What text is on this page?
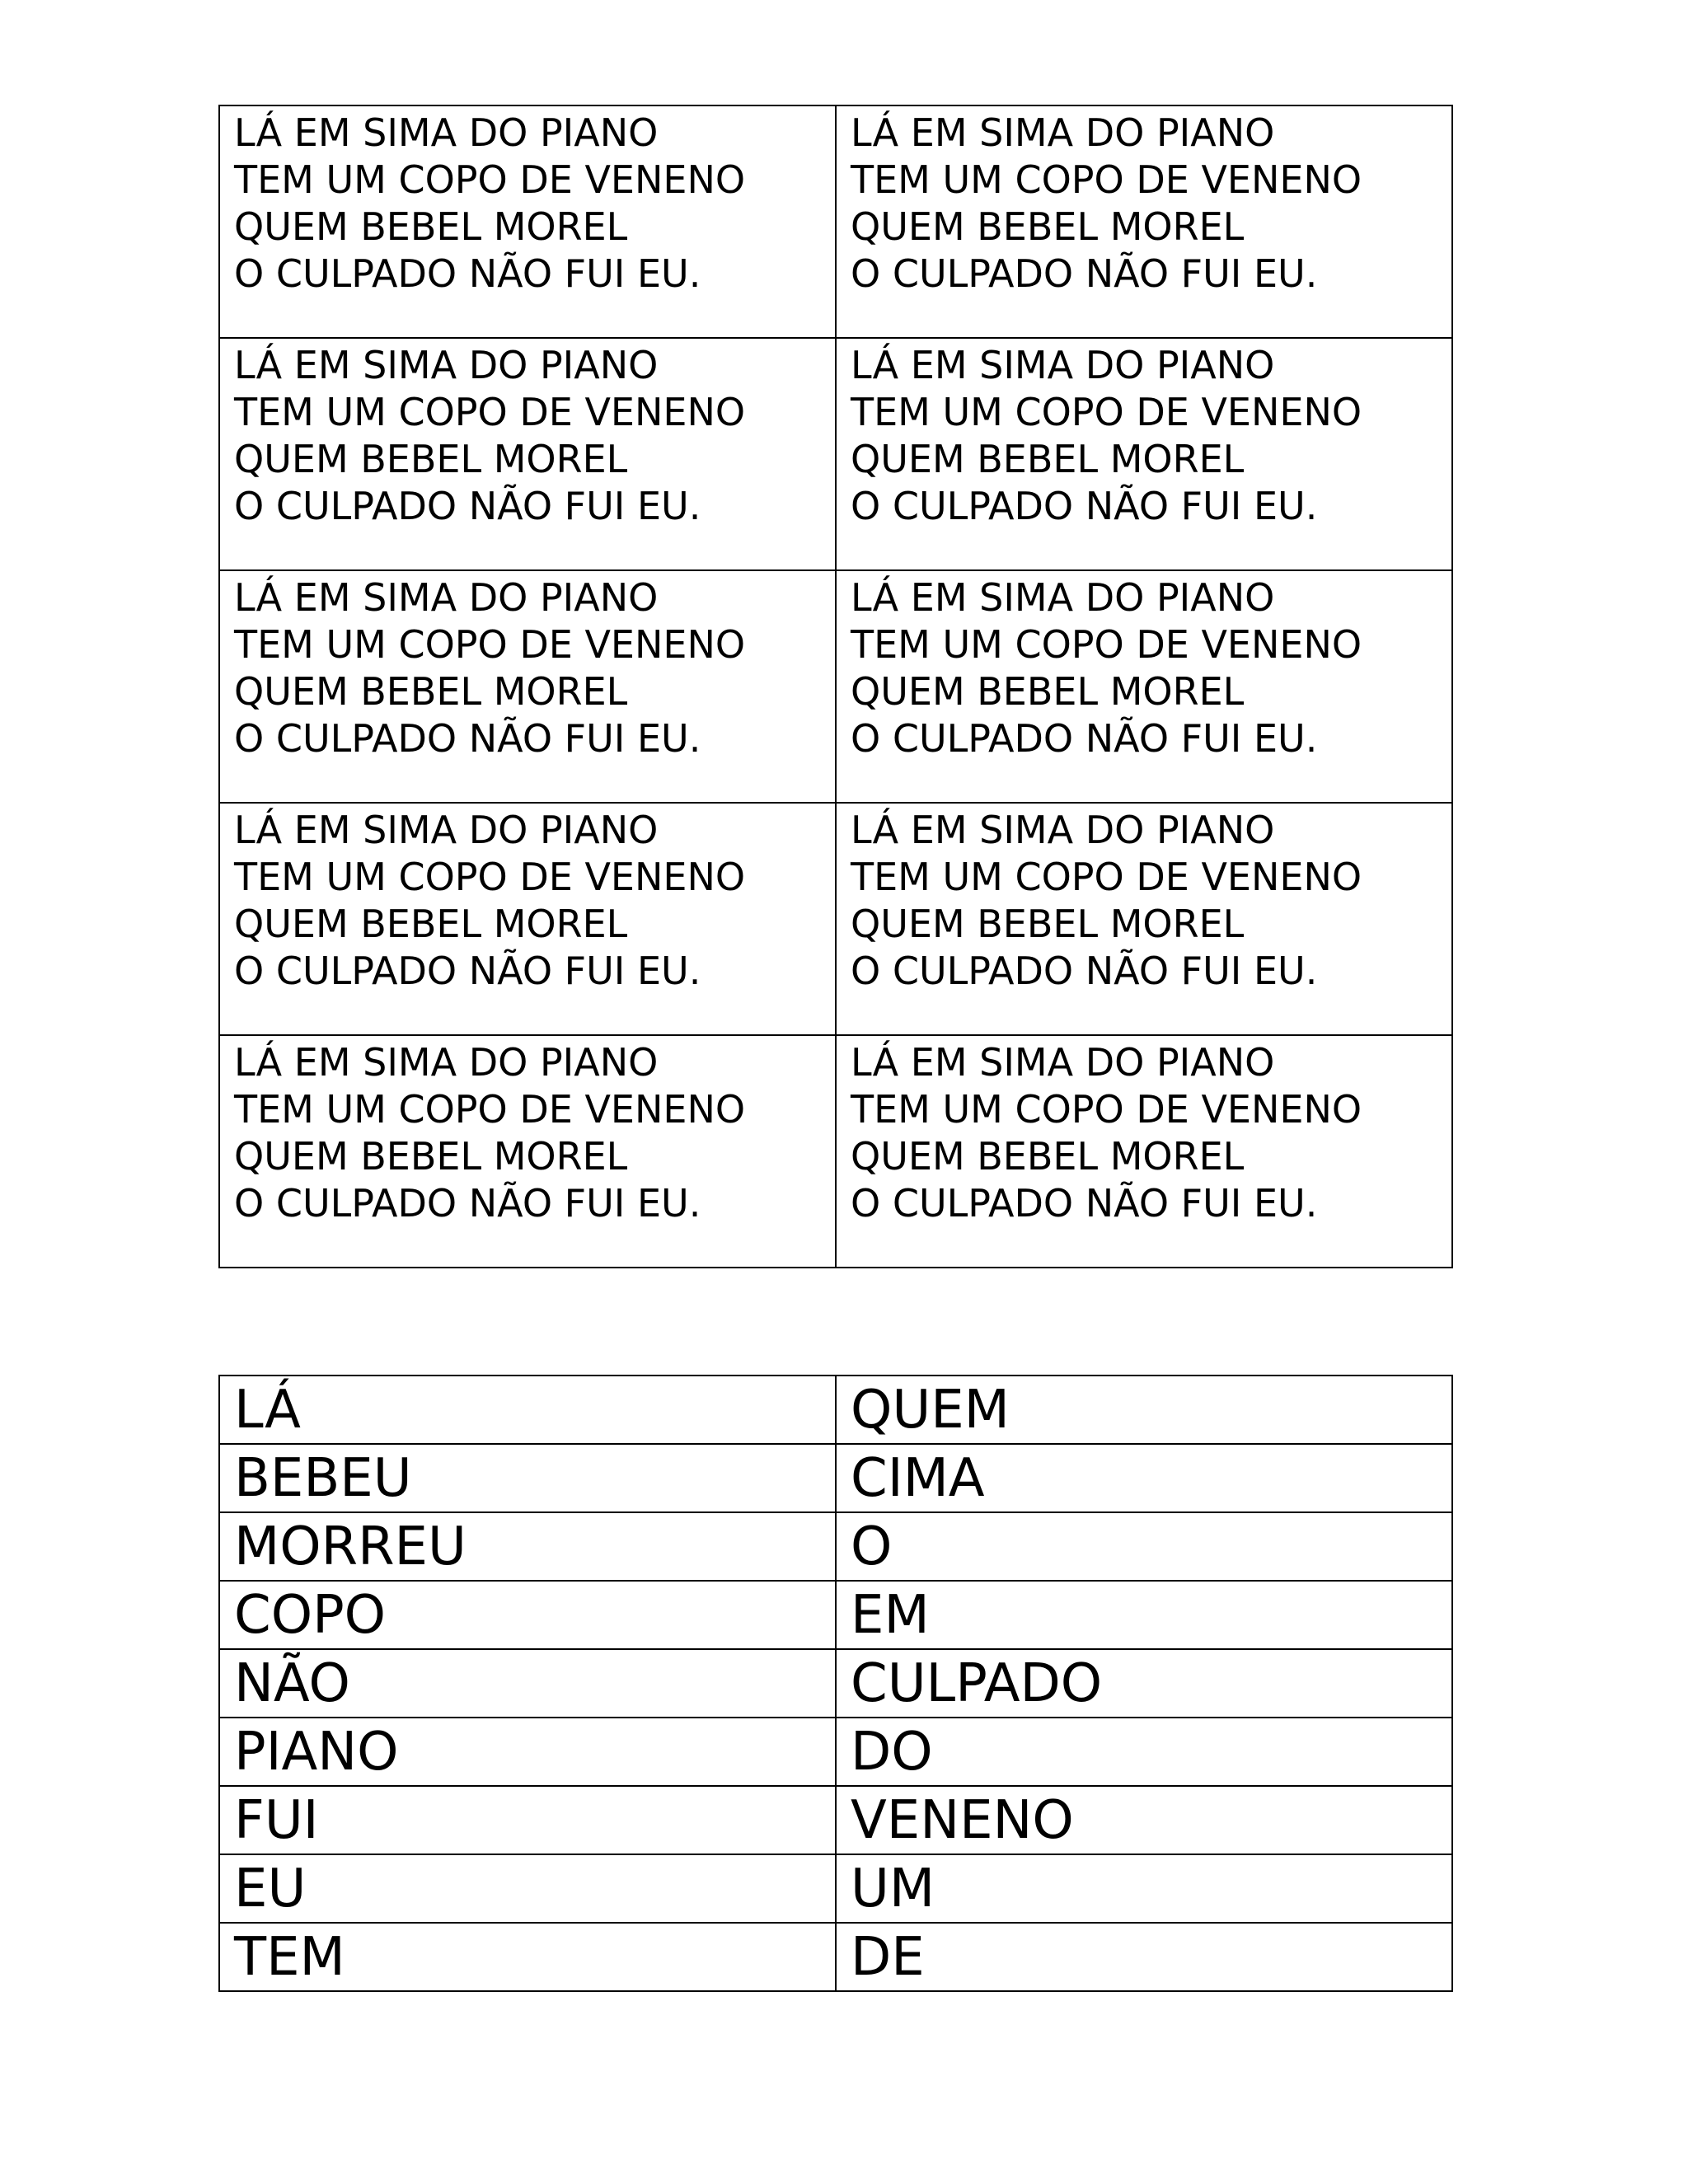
LÁ EM SIMA DO PIANO
TEM UM COPO DE VENENO
QUEM BEBEL MOREL
O CULPADO NÃO FUI EU.	LÁ EM SIMA DO PIANO
TEM UM COPO DE VENENO
QUEM BEBEL MOREL
O CULPADO NÃO FUI EU.

LÁ EM SIMA DO PIANO
TEM UM COPO DE VENENO
QUEM BEBEL MOREL
O CULPADO NÃO FUI EU.	LÁ EM SIMA DO PIANO
TEM UM COPO DE VENENO
QUEM BEBEL MOREL
O CULPADO NÃO FUI EU.

LÁ EM SIMA DO PIANO
TEM UM COPO DE VENENO
QUEM BEBEL MOREL
O CULPADO NÃO FUI EU.	LÁ EM SIMA DO PIANO
TEM UM COPO DE VENENO
QUEM BEBEL MOREL
O CULPADO NÃO FUI EU.

LÁ EM SIMA DO PIANO
TEM UM COPO DE VENENO
QUEM BEBEL MOREL
O CULPADO NÃO FUI EU.	LÁ EM SIMA DO PIANO
TEM UM COPO DE VENENO
QUEM BEBEL MOREL
O CULPADO NÃO FUI EU.

LÁ EM SIMA DO PIANO
TEM UM COPO DE VENENO
QUEM BEBEL MOREL
O CULPADO NÃO FUI EU.	LÁ EM SIMA DO PIANO
TEM UM COPO DE VENENO
QUEM BEBEL MOREL
O CULPADO NÃO FUI EU.
LÁ	QUEM
BEBEU	CIMA
MORREU	O
COPO	EM
NÃO	CULPADO
PIANO	DO
FUI	VENENO
EU	UM
TEM	DE
